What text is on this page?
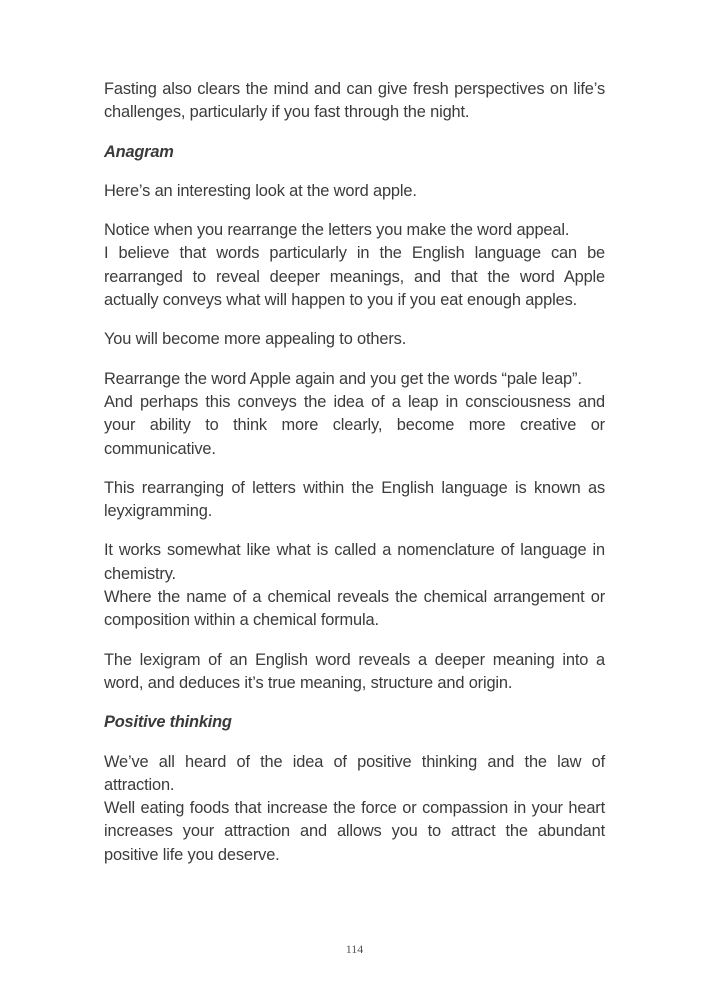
Fasting also clears the mind and can give fresh perspectives on life’s challenges, particularly if you fast through the night.

Anagram

Here’s an interesting look at the word apple.

Notice when you rearrange the letters you make the word appeal.
I believe that words particularly in the English language can be rearranged to reveal deeper meanings, and that the word Apple actually conveys what will happen to you if you eat enough apples.

You will become more appealing to others.

Rearrange the word Apple again and you get the words “pale leap”.
And perhaps this conveys the idea of a leap in consciousness and your ability to think more clearly, become more creative or communicative.

This rearranging of letters within the English language is known as leyxigramming.

It works somewhat like what is called a nomenclature of language in chemistry.
Where the name of a chemical reveals the chemical arrangement or composition within a chemical formula.

The lexigram of an English word reveals a deeper meaning into a word, and deduces it’s true meaning, structure and origin.

Positive thinking

We’ve all heard of the idea of positive thinking and the law of attraction.
Well eating foods that increase the force or compassion in your heart increases your attraction and allows you to attract the abundant positive life you deserve.

114
